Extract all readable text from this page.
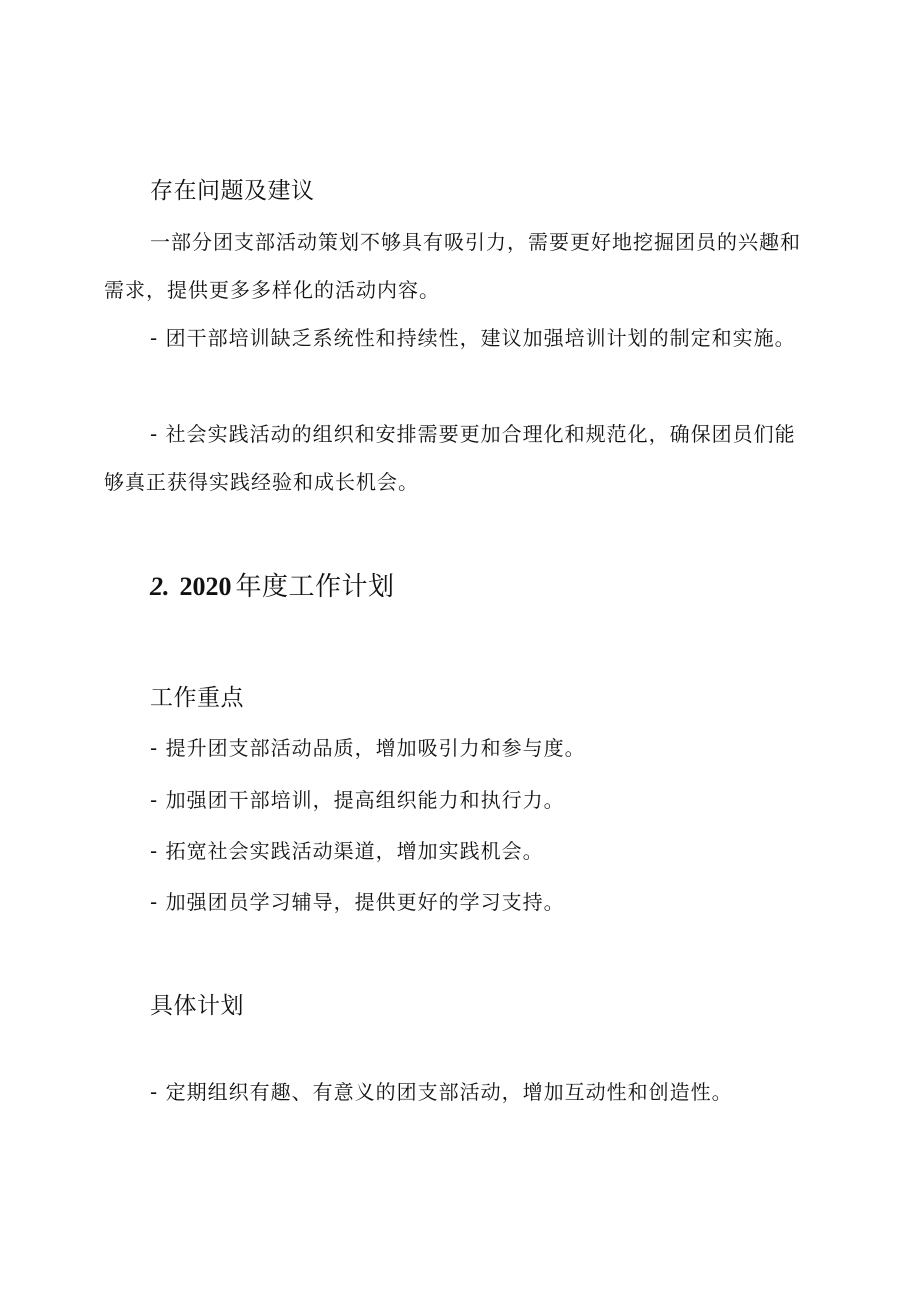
存在问题及建议
一部分团支部活动策划不够具有吸引力，需要更好地挖掘团员的兴趣和需求，提供更多多样化的活动内容。
- 团干部培训缺乏系统性和持续性，建议加强培训计划的制定和实施。
- 社会实践活动的组织和安排需要更加合理化和规范化，确保团员们能够真正获得实践经验和成长机会。
2. 2020 年度工作计划
工作重点
- 提升团支部活动品质，增加吸引力和参与度。
- 加强团干部培训，提高组织能力和执行力。
- 拓宽社会实践活动渠道，增加实践机会。
- 加强团员学习辅导，提供更好的学习支持。
具体计划
- 定期组织有趣、有意义的团支部活动，增加互动性和创造性。
